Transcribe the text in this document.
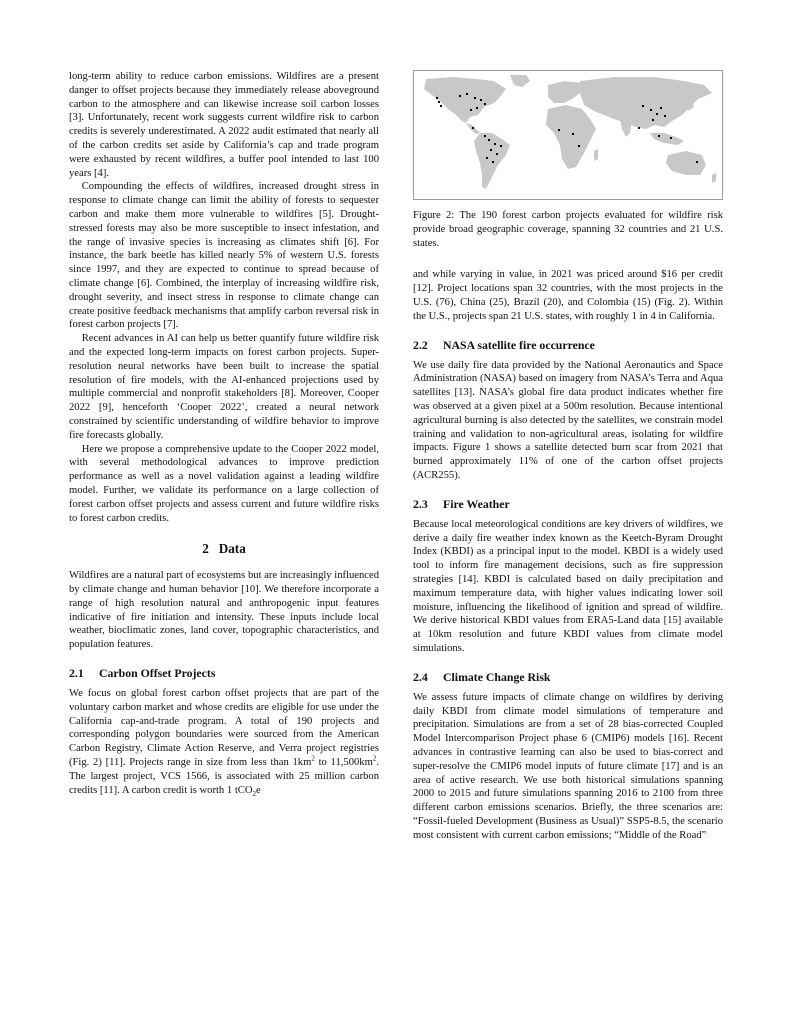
long-term ability to reduce carbon emissions. Wildfires are a present danger to offset projects because they immediately release aboveground carbon to the atmosphere and can likewise increase soil carbon losses [3]. Unfortunately, recent work suggests current wildfire risk to carbon credits is severely underestimated. A 2022 audit estimated that nearly all of the carbon credits set aside by California’s cap and trade program were exhausted by recent wildfires, a buffer pool intended to last 100 years [4].

Compounding the effects of wildfires, increased drought stress in response to climate change can limit the ability of forests to sequester carbon and make them more vulnerable to wildfires [5]. Drought-stressed forests may also be more susceptible to insect infestation, and the range of invasive species is increasing as climates shift [6]. For instance, the bark beetle has killed nearly 5% of western U.S. forests since 1997, and they are expected to continue to spread because of climate change [6]. Combined, the interplay of increasing wildfire risk, drought severity, and insect stress in response to climate change can create positive feedback mechanisms that amplify carbon reversal risk in forest carbon projects [7].

Recent advances in AI can help us better quantify future wildfire risk and the expected long-term impacts on forest carbon projects. Super-resolution neural networks have been built to increase the spatial resolution of fire models, with the AI-enhanced projections used by multiple commercial and nonprofit stakeholders [8]. Moreover, Cooper 2022 [9], henceforth ‘Cooper 2022’, created a neural network constrained by scientific understanding of wildfire behavior to improve fire forecasts globally.

Here we propose a comprehensive update to the Cooper 2022 model, with several methodological advances to improve prediction performance as well as a novel validation against a leading wildfire model. Further, we validate its performance on a large collection of forest carbon offset projects and assess current and future wildfire risks to forest carbon credits.

2 Data

Wildfires are a natural part of ecosystems but are increasingly influenced by climate change and human behavior [10]. We therefore incorporate a range of high resolution natural and anthropogenic input features indicative of fire initiation and intensity. These inputs include local weather, bioclimatic zones, land cover, topographic characteristics, and population features.

2.1 Carbon Offset Projects

We focus on global forest carbon offset projects that are part of the voluntary carbon market and whose credits are eligible for use under the California cap-and-trade program. A total of 190 projects and corresponding polygon boundaries were sourced from the American Carbon Registry, Climate Action Reserve, and Verra project registries (Fig. 2) [11]. Projects range in size from less than $1km^2$ to $11,500km^2$. The largest project, VCS 1566, is associated with 25 million carbon credits [11]. A carbon credit is worth 1 tCO$_2$e

Figure 2: The 190 forest carbon projects evaluated for wildfire risk provide broad geographic coverage, spanning 32 countries and 21 U.S. states.

and while varying in value, in 2021 was priced around $16 per credit [12]. Project locations span 32 countries, with the most projects in the U.S. (76), China (25), Brazil (20), and Colombia (15) (Fig. 2). Within the U.S., projects span 21 U.S. states, with roughly 1 in 4 in California.

2.2 NASA satellite fire occurrence

We use daily fire data provided by the National Aeronautics and Space Administration (NASA) based on imagery from NASA’s Terra and Aqua satellites [13]. NASA’s global fire data product indicates whether fire was observed at a given pixel at a 500m resolution. Because intentional agricultural burning is also detected by the satellites, we constrain model training and validation to non-agricultural areas, isolating for wildfire impacts. Figure 1 shows a satellite detected burn scar from 2021 that burned approximately 11% of one of the carbon offset projects (ACR255).

2.3 Fire Weather

Because local meteorological conditions are key drivers of wildfires, we derive a daily fire weather index known as the Keetch-Byram Drought Index (KBDI) as a principal input to the model. KBDI is a widely used tool to inform fire management decisions, such as fire suppression strategies [14]. KBDI is calculated based on daily precipitation and maximum temperature data, with higher values indicating lower soil moisture, influencing the likelihood of ignition and spread of wildfire. We derive historical KBDI values from ERA5-Land data [15] available at 10km resolution and future KBDI values from climate model simulations.

2.4 Climate Change Risk

We assess future impacts of climate change on wildfires by deriving daily KBDI from climate model simulations of temperature and precipitation. Simulations are from a set of 28 bias-corrected Coupled Model Intercomparison Project phase 6 (CMIP6) models [16]. Recent advances in contrastive learning can also be used to bias-correct and super-resolve the CMIP6 model inputs of future climate [17] and is an area of active research. We use both historical simulations spanning 2000 to 2015 and future simulations spanning 2016 to 2100 from three different carbon emissions scenarios. Briefly, the three scenarios are: “Fossil-fueled Development (Business as Usual)” SSP5-8.5, the scenario most consistent with current carbon emissions; “Middle of the Road”
